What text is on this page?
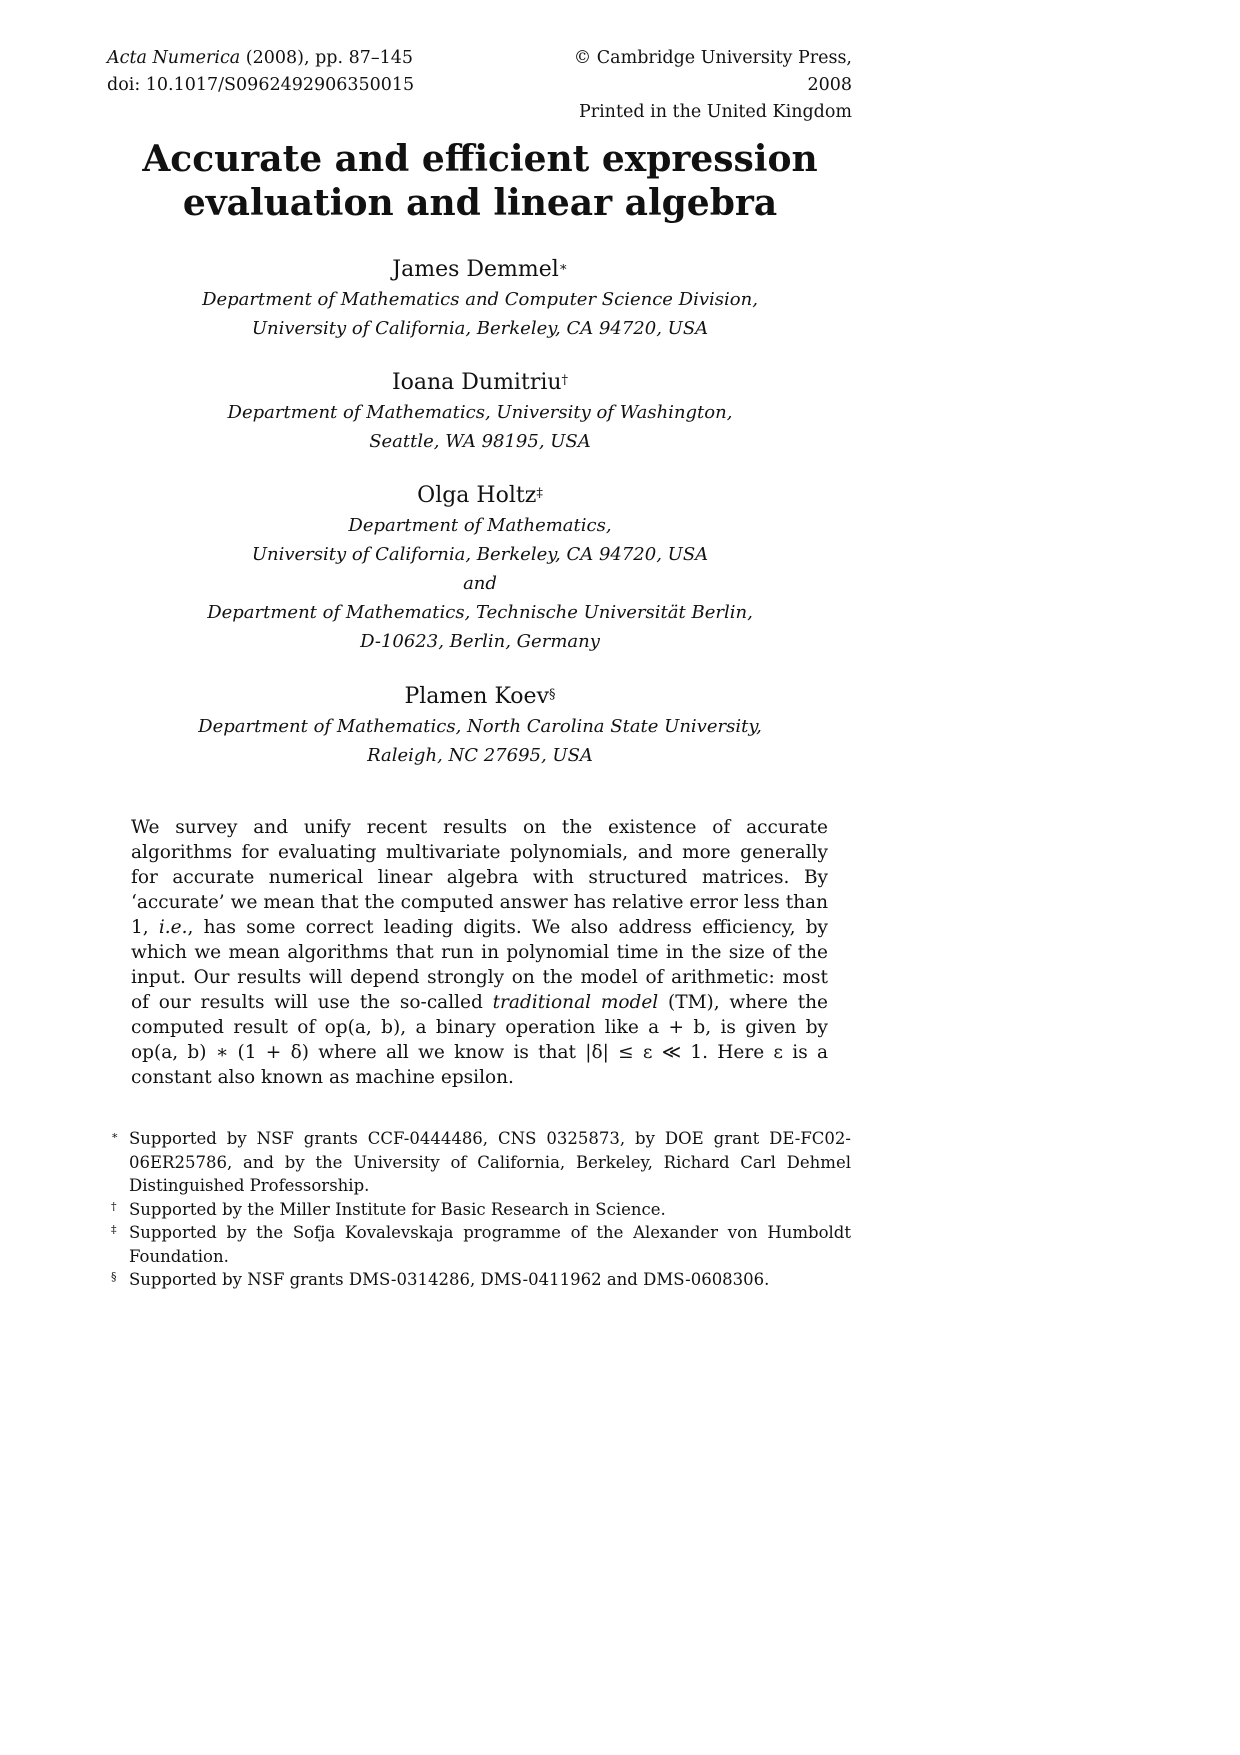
Acta Numerica (2008), pp. 87–145
doi: 10.1017/S0962492906350015
© Cambridge University Press, 2008
Printed in the United Kingdom
Accurate and efficient expression
evaluation and linear algebra
James Demmel∗
Department of Mathematics and Computer Science Division,
University of California, Berkeley, CA 94720, USA
Ioana Dumitriu†
Department of Mathematics, University of Washington,
Seattle, WA 98195, USA
Olga Holtz‡
Department of Mathematics,
University of California, Berkeley, CA 94720, USA
and
Department of Mathematics, Technische Universität Berlin,
D-10623, Berlin, Germany
Plamen Koev§
Department of Mathematics, North Carolina State University,
Raleigh, NC 27695, USA
We survey and unify recent results on the existence of accurate algorithms for evaluating multivariate polynomials, and more generally for accurate numerical linear algebra with structured matrices. By ‘accurate’ we mean that the computed answer has relative error less than 1, i.e., has some correct leading digits. We also address efficiency, by which we mean algorithms that run in polynomial time in the size of the input. Our results will depend strongly on the model of arithmetic: most of our results will use the so-called traditional model (TM), where the computed result of op(a, b), a binary operation like a + b, is given by op(a, b) ∗ (1 + δ) where all we know is that |δ| ≤ ε ≪ 1. Here ε is a constant also known as machine epsilon.
∗ Supported by NSF grants CCF-0444486, CNS 0325873, by DOE grant DE-FC02-06ER25786, and by the University of California, Berkeley, Richard Carl Dehmel Distinguished Professorship.
† Supported by the Miller Institute for Basic Research in Science.
‡ Supported by the Sofja Kovalevskaja programme of the Alexander von Humboldt Foundation.
§ Supported by NSF grants DMS-0314286, DMS-0411962 and DMS-0608306.
